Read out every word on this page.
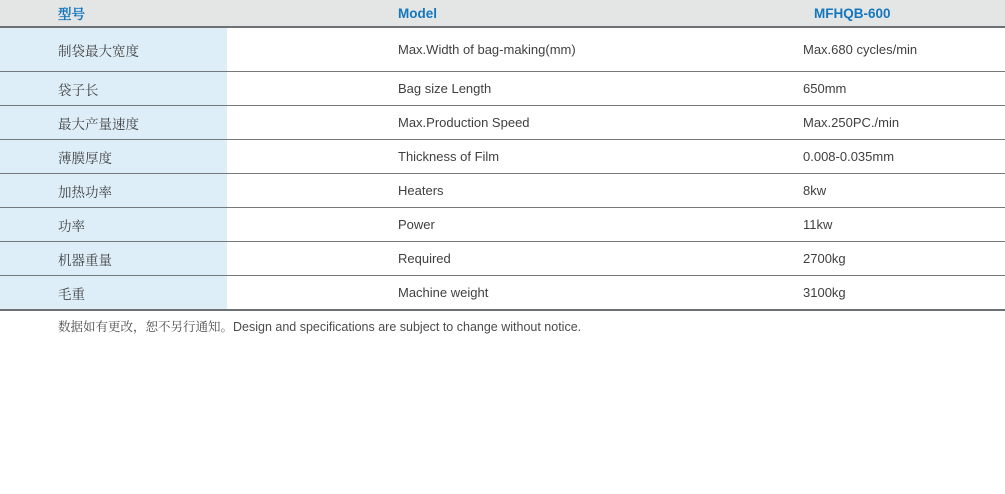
型号	Model	MFHQB-600
制袋最大宽度	Max.Width of bag-making(mm)	Max.680 cycles/min
袋子长	Bag size Length	650mm
最大产量速度	Max.Production Speed	Max.250PC./min
薄膜厚度	Thickness of Film	0.008-0.035mm
加热功率	Heaters	8kw
功率	Power	11kw
机器重量	Required	2700kg
毛重	Machine weight	3100kg
数据如有更改，恕不另行通知。Design and specifications are subject to change without notice.
